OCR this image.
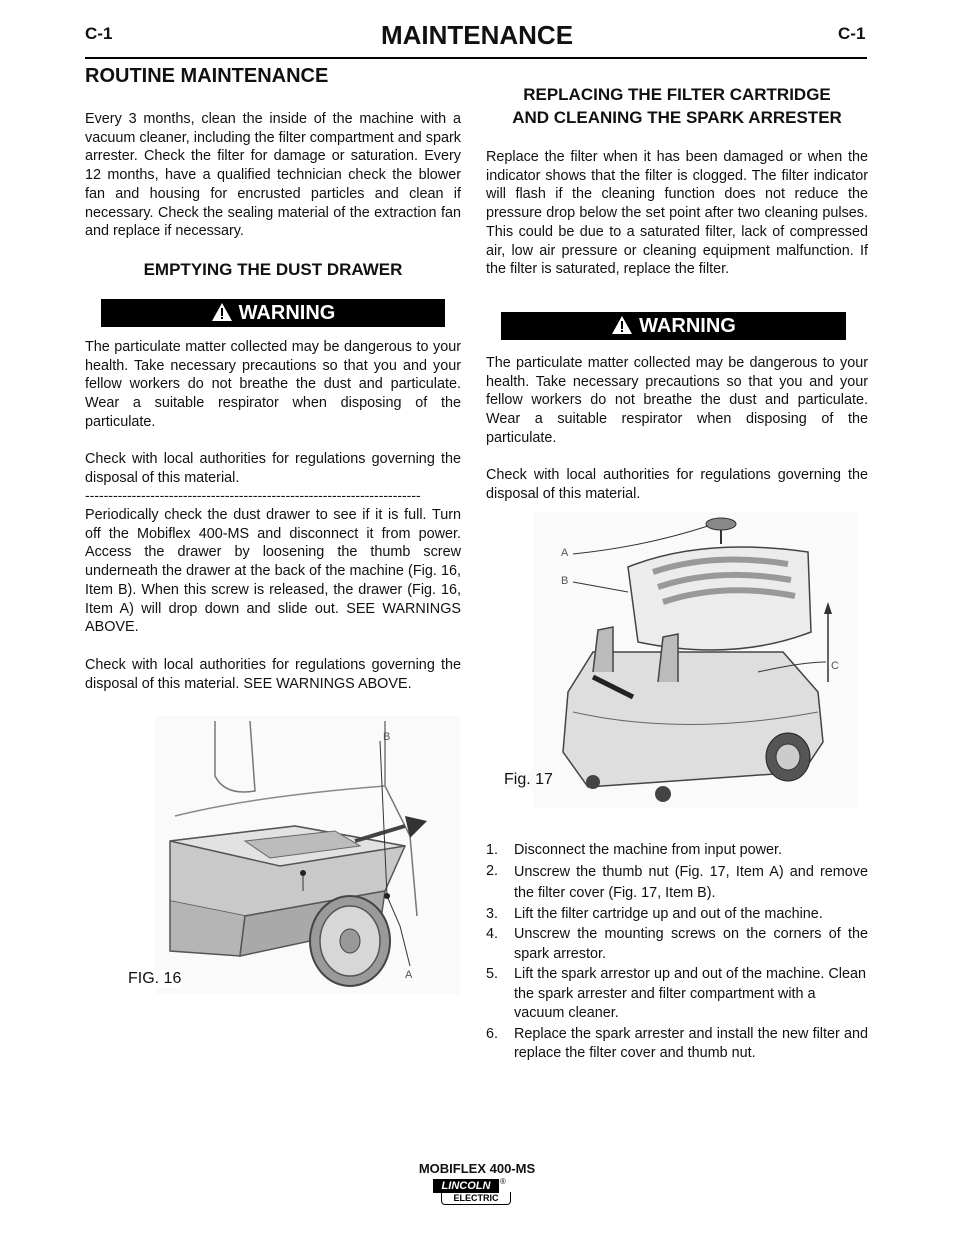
C-1	MAINTENANCE	C-1
ROUTINE MAINTENANCE

Every 3 months, clean the inside of the machine with a vacuum cleaner, including the filter compartment and spark arrester. Check the filter for damage or saturation. Every 12 months, have a qualified technician check the blower fan and housing for encrusted particles and clean if necessary. Check the sealing material of the extraction fan and replace if necessary.

EMPTYING THE DUST DRAWER
WARNING

The particulate matter collected may be dangerous to your health. Take necessary precautions so that you and your fellow workers do not breathe the dust and particulate. Wear a suitable respirator when disposing of the particulate.

Check with local authorities for regulations governing the disposal of this material.

------------------------------------------------------------------------

Periodically check the dust drawer to see if it is full. Turn off the Mobiflex 400-MS and disconnect it from power. Access the drawer by loosening the thumb screw underneath the drawer at the back of the machine (Fig. 16, Item B). When this screw is released, the drawer (Fig. 16, Item A) will drop down and slide out. SEE WARNINGS ABOVE.

Check with local authorities for regulations governing the disposal of this material. SEE WARNINGS ABOVE.

B
A
FIG. 16
REPLACING THE FILTER CARTRIDGE
AND CLEANING THE SPARK ARRESTER

Replace the filter when it has been damaged or when the indicator shows that the filter is clogged. The filter indicator will flash if the cleaning function does not reduce the pressure drop below the set point after two cleaning pulses. This could be due to a saturated filter, lack of compressed air, low air pressure or cleaning equipment malfunction. If the filter is saturated, replace the filter.

WARNING

The particulate matter collected may be dangerous to your health. Take necessary precautions so that you and your fellow workers do not breathe the dust and particulate. Wear a suitable respirator when disposing of the particulate.

Check with local authorities for regulations governing the disposal of this material.

A
B
C
Fig. 17
1. Disconnect the machine from input power.
2. Unscrew the thumb nut (Fig. 17, Item A) and remove the filter cover (Fig. 17, Item B).
3. Lift the filter cartridge up and out of the machine.
4. Unscrew the mounting screws on the corners of the spark arrestor.
5. Lift the spark arrestor up and out of the machine. Clean the spark arrester and filter compartment with a vacuum cleaner.
6. Replace the spark arrester and install the new filter and replace the filter cover and thumb nut.
MOBIFLEX 400-MS
LINCOLN	®
ELECTRIC
